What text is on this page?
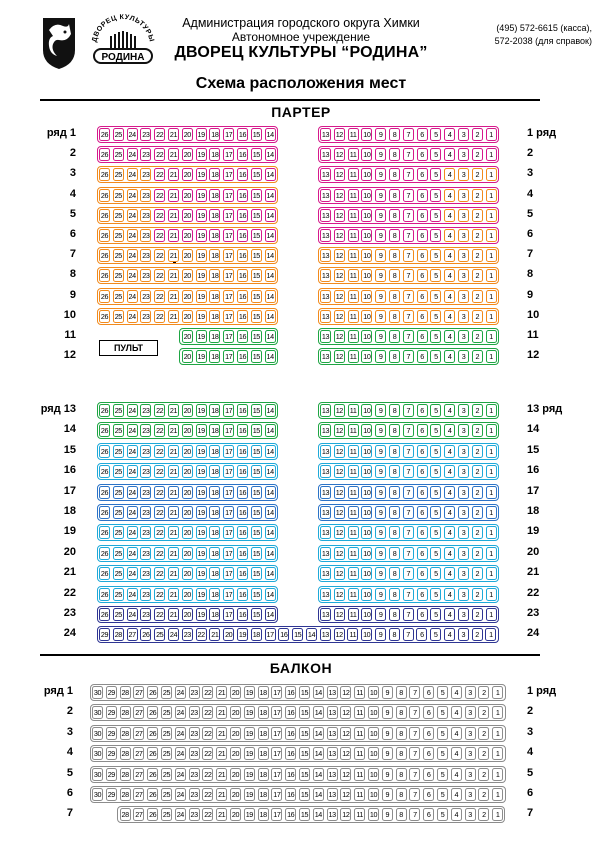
ДВОРЕЦ КУЛЬТУРЫ
РОДИНА
Администрация городского округа Химки
Автономное учреждение
ДВОРЕЦ КУЛЬТУРЫ “РОДИНА”
(495) 572-6615 (касса),
572-2038 (для справок)
Схема расположения мест
ПАРТЕР
БАЛКОН
ПУЛЬТ
ряд 1	1 ряд
26 25 24 23 22 21 20 19 18 17 16 15 14	13 12 11 10	9	8	7	6	5	4	3	2	1
2	2
26 25 24 23 22 21 20 19 18 17 16 15 14	13 12 11 10	9	8	7	6	5	4	3	2	1
3	3
26 25 24 23 22 21 20 19 18 17 16 15 14	13 12 11 10	9	8	7	6	5	4	3	2	1
4	4
26 25 24 23 22 21 20 19 18 17 16 15 14	13 12 11 10	9	8	7	6	5	4	3	2	1
5	5
26 25 24 23 22 21 20 19 18 17 16 15 14	13 12 11 10	9	8	7	6	5	4	3	2	1
6	6
26 25 24 23 22 21 20 19 18 17 16 15 14	13 12 11 10	9	8	7	6	5	4	3	2	1
7	7
26 25 24 23 22 21 20 19 18 17 16 15 14	13 12 11 10	9	8	7	6	5	4	3	2	1
8	8
26 25 24 23 22 21 20 19 18 17 16 15 14	13 12 11 10	9	8	7	6	5	4	3	2	1
9	9
26 25 24 23 22 21 20 19 18 17 16 15 14	13 12 11 10	9	8	7	6	5	4	3	2	1
10	10
26 25 24 23 22 21 20 19 18 17 16 15 14	13 12 11 10	9	8	7	6	5	4	3	2	1
11	11
20 19 18 17 16 15 14	13 12 11 10	9	8	7	6	5	4	3	2	1
12	12
20 19 18 17 16 15 14	13 12 11 10	9	8	7	6	5	4	3	2	1
ряд 13	13 ряд
26 25 24 23 22 21 20 19 18 17 16 15 14	13 12 11 10	9	8	7	6	5	4	3	2	1
14	14
26 25 24 23 22 21 20 19 18 17 16 15 14	13 12 11 10	9	8	7	6	5	4	3	2	1
15	15
26 25 24 23 22 21 20 19 18 17 16 15 14	13 12 11 10	9	8	7	6	5	4	3	2	1
16	16
26 25 24 23 22 21 20 19 18 17 16 15 14	13 12 11 10	9	8	7	6	5	4	3	2	1
17	17
26 25 24 23 22 21 20 19 18 17 16 15 14	13 12 11 10	9	8	7	6	5	4	3	2	1
18	18
26 25 24 23 22 21 20 19 18 17 16 15 14	13 12 11 10	9	8	7	6	5	4	3	2	1
19	19
26 25 24 23 22 21 20 19 18 17 16 15 14	13 12 11 10	9	8	7	6	5	4	3	2	1
20	20
26 25 24 23 22 21 20 19 18 17 16 15 14	13 12 11 10	9	8	7	6	5	4	3	2	1
21	21
26 25 24 23 22 21 20 19 18 17 16 15 14	13 12 11 10	9	8	7	6	5	4	3	2	1
22	22
26 25 24 23 22 21 20 19 18 17 16 15 14	13 12 11 10	9	8	7	6	5	4	3	2	1
23	23
26 25 24 23 22 21 20 19 18 17 16 15 14	13 12 11 10	9	8	7	6	5	4	3	2	1
24	24
29 28 27 26 25 24 23 22 21 20 19 18 17 16 15 14 13 12 11 10	9	8	7	6	5	4	3	2	1
ряд 1	1 ряд
30 29 28 27 26 25 24 23 22 21 20 19 18 17 16 15 14 13 12 11 10	9	8	7	6	5	4	3	2	1
2	2
30 29 28 27 26 25 24 23 22 21 20 19 18 17 16 15 14 13 12 11 10	9	8	7	6	5	4	3	2	1
3	3
30 29 28 27 26 25 24 23 22 21 20 19 18 17 16 15 14 13 12 11 10	9	8	7	6	5	4	3	2	1
4	4
30 29 28 27 26 25 24 23 22 21 20 19 18 17 16 15 14 13 12 11 10	9	8	7	6	5	4	3	2	1
5	5
30 29 28 27 26 25 24 23 22 21 20 19 18 17 16 15 14 13 12 11 10	9	8	7	6	5	4	3	2	1
6	6
30 29 28 27 26 25 24 23 22 21 20 19 18 17 16 15 14 13 12 11 10	9	8	7	6	5	4	3	2	1
7	7
28 27 26 25 24 23 22 21 20 19 18 17 16 15 14 13 12 11 10	9	8	7	6	5	4	3	2	1
